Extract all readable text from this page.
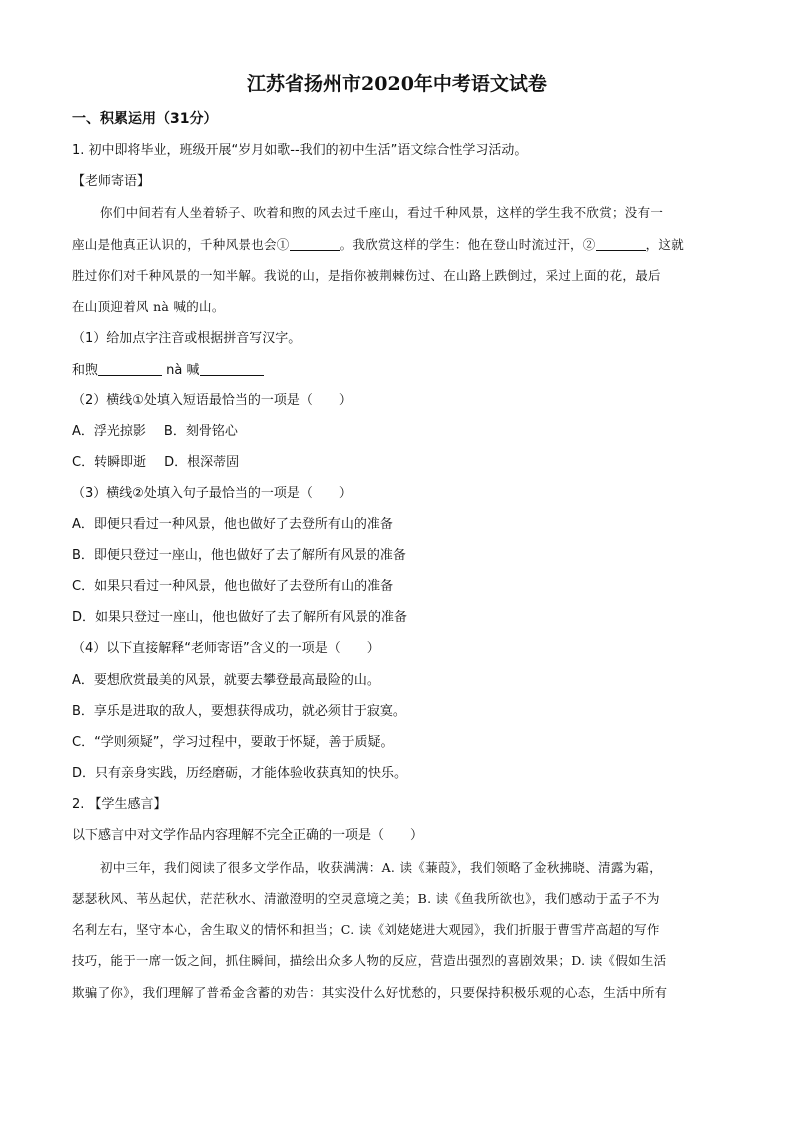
江苏省扬州市2020年中考语文试卷
一、积累运用（31分）
1. 初中即将毕业，班级开展“岁月如歌--我们的初中生活”语文综合性学习活动。
【老师寄语】
你们中间若有人坐着轿子、吹着和煦的风去过千座山，看过千种风景，这样的学生我不欣赏；没有一
座山是他真正认识的，千种风景也会①	。我欣赏这样的学生：他在登山时流过汗，②	，这就
胜过你们对千种风景的一知半解。我说的山，是指你被荆棘伤过、在山路上跌倒过，采过上面的花，最后
在山顶迎着风 nà 喊的山。
（1）给加点字注音或根据拼音写汉字。
和煦	nà 喊
（2）横线①处填入短语最恰当的一项是（　　）
A．浮光掠影 B．刻骨铭心
C．转瞬即逝 D．根深蒂固
（3）横线②处填入句子最恰当的一项是（　　）
A．即便只看过一种风景，他也做好了去登所有山的准备
B．即便只登过一座山，他也做好了去了解所有风景的准备
C．如果只看过一种风景，他也做好了去登所有山的准备
D．如果只登过一座山，他也做好了去了解所有风景的准备
（4）以下直接解释“老师寄语”含义的一项是（　　）
A．要想欣赏最美的风景，就要去攀登最高最险的山。
B．享乐是进取的敌人，要想获得成功，就必须甘于寂寞。
C．“学则须疑”，学习过程中，要敢于怀疑，善于质疑。
D．只有亲身实践，历经磨砺，才能体验收获真知的快乐。
2. 【学生感言】
以下感言中对文学作品内容理解不完全正确的一项是（　　）
初中三年，我们阅读了很多文学作品，收获满满：A. 读《蒹葭》，我们领略了金秋拂晓、清露为霜，
瑟瑟秋风、苇丛起伏，茫茫秋水、清澈澄明的空灵意境之美；B. 读《鱼我所欲也》，我们感动于孟子不为
名利左右，坚守本心，舍生取义的情怀和担当；C. 读《刘姥姥进大观园》，我们折服于曹雪芹高超的写作
技巧，能于一席一饭之间，抓住瞬间，描绘出众多人物的反应，营造出强烈的喜剧效果；D. 读《假如生活
欺骗了你》，我们理解了普希金含蓄的劝告：其实没什么好忧愁的，只要保持积极乐观的心态，生活中所有
